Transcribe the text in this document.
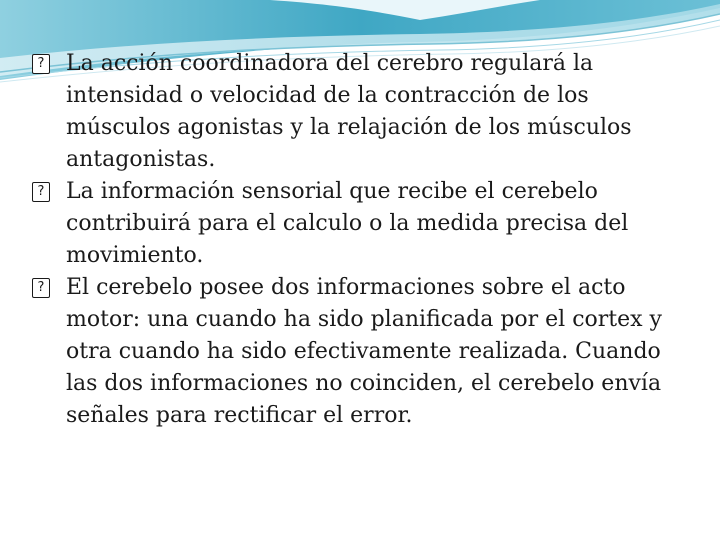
? La acción coordinadora del cerebro regulará la intensidad o velocidad de la contracción de los músculos agonistas y la relajación de los músculos antagonistas.

? La información sensorial que recibe el cerebelo contribuirá para el calculo o la medida precisa del movimiento.

? El cerebelo posee dos informaciones sobre el acto motor: una cuando ha sido planificada por el cortex y otra cuando ha sido efectivamente realizada. Cuando las dos informaciones no coinciden, el cerebelo envía señales para rectificar el error.
